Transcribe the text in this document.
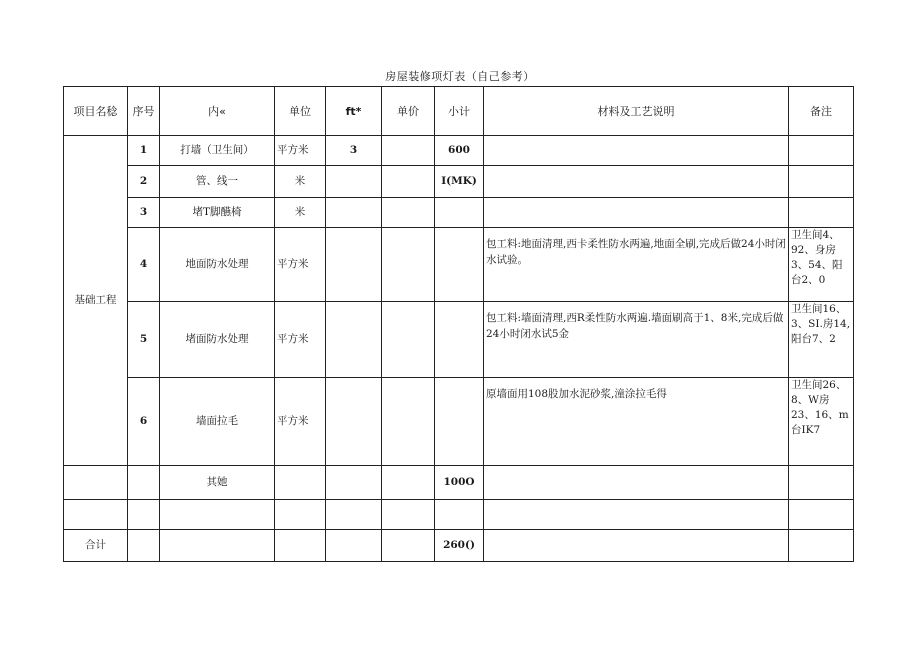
房屋装修项灯表（自己参考）
项目名稔	序号	内«	单位	ft*	单价	小计	材料及工艺说明	备注
基础工程	1	打墙（卫生间）	平方米	3		600		
	2	管、线一	米			I(MK)		
	3	堵T脚醼椅	米					
	4	地面防水处理	平方米				包工料:地面清理,西卡柔性防水两遍,地面全刷,完成后做24小时闭水试验。	卫生间4、92、身房3、54、阳台2、0

	5	堵面防水处理	平方米				包工料:墙面清理,西R柔性防水两遍.墙面刷高于1、8米,完成后做24小时闭水试5金	卫生间16、3、SI.房14,阳台7、2

	6	墙面拉毛	平方米				原墙面用108股加水泥砂浆,潼涂拉毛得	卫生间26、8、W房23、16、m台IK7

		其她				100O		

合计						260()		
